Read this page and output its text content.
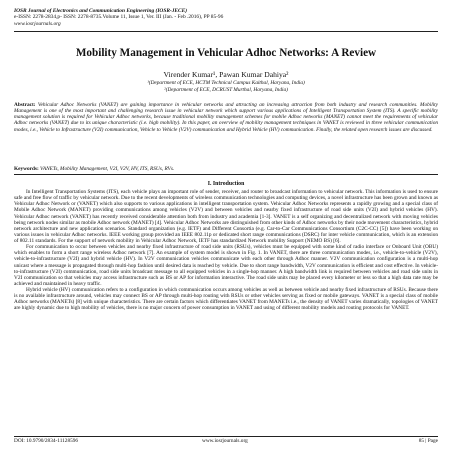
IOSR Journal of Electronics and Communication Engineering (IOSR-JECE)
e-ISSN: 2278-2834,p- ISSN: 2278-8735.Volume 11, Issue 1, Ver. III (Jan. - Feb .2016), PP 85-96
www.iosrjournals.org
Mobility Management in Vehicular Adhoc Networks: A Review
Virender Kumar¹, Pawan Kumar Dahiya²
¹(Department of ECE, HCTM Technical Campus Kaithal, Haryana, India)
²(Department of ECE, DCRUST Murthal, Haryana, India)
Abstract: Vehicular Adhoc Networks (VANET) are gaining importance in vehicular networks and attracting an increasing attraction from both industry and research communities. Mobility Management is one of the most important and challenging research issue in vehicular network which support various applications of Intelligent Transportation System (ITS). A specific mobility management solution is required for Vehicular Adhoc networks, because traditional mobility management schemes for mobile Adhoc networks (MANET) cannot meet the requirements of vehicular Adhoc networks (VANET) due to its unique characteristic (i.e. high mobility). In this paper, an overview of mobility management techniques in VANET is reviewed in three vehicular communication modes, i.e., Vehicle to Infrastructure (V2I) communication, Vehicle to Vehicle (V2V) communication and Hybrid Vehicle (HV) communication. Finally, the related open research issues are discussed.
Keywords: VANETs, Mobility Management, V2I, V2V, HV, ITS, RSUs, RVs.
I. Introduction

In Intelligent Transportation Systems (ITS), each vehicle plays an important role of sender, receiver, and router to broadcast information to vehicular network. This information is used to ensure safe and free flow of traffic by vehicular network. Due to the recent developments of wireless communication technologies and computing devices, a novel infrastructure has been grown and known as Vehicular Adhoc Network or (VANET) which also supports to various applications in intelligent transportation system. Vehicular Adhoc Networks represents a rapidly growing and a special class of Mobile Adhoc Network (MANET) providing communications among vehicles (V2V) and between vehicles and nearby fixed infrastructure of road side units (V2I) and hybrid vehicles (HV). Vehicular Adhoc network (VANET) has recently received considerable attention both from industry and academia [1-3]. VANET is a self organizing and decentralized network with moving vehicles being network nodes similar as mobile Adhoc network (MANET) [4]. Vehicular Adhoc Networks are distinguished from other kinds of Adhoc networks by their node movement characteristics, hybrid network architecture and new application scenarios. Standard organization (e.g. IETF) and Different Consortia (e.g. Car-to-Car Communications Consortium (C2C-CC) [5]) have been working on various issues in vehicular Adhoc networks. IEEE working group provided an IEEE 802.11p or dedicated short range communications (DSRC) for inter vehicle communication, which is an extension of 802.11 standards. For the support of network mobility in Vehicular Adhoc Network, IETF has standardized Network mobility Support (NEMO BS) [6].

For communication to occur between vehicles and nearby fixed infrastructure of road side units (RSUs), vehicles must be equipped with some kind of radio interface or Onboard Unit (OBU) which enables to form a short range wireless Adhoc network [7]. An example of system model is shown in Fig. 1. In VANET, there are three communication modes, i.e., vehicle-to-vehicle (V2V), vehicle-to-infrastructure (V2I) and hybrid vehicle (HV). In V2V communication vehicles communicate with each other through Adhoc manner. V2V communication configuration is a multi-hop unicast where a message is propagated through multi-hop fashion until desired data is reached by vehicle. Due to short range bandwidth, V2V communication is efficient and cost effective. In vehicle-to-infrastructure (V2I) communication, road side units broadcast message to all equipped vehicles in a single-hop manner. A high bandwidth link is required between vehicles and road side units in V2I communication so that vehicles may access infrastructure such as BS or AP for information interactive. The road side units may be placed every kilometer or less so that a high data rate may be achieved and maintained in heavy traffic.

Hybrid vehicle (HV) communication refers to a configuration in which communication occurs among vehicles as well as between vehicle and nearby fixed infrastructure of RSUs. Because there is no available infrastructure around, vehicles may connect BS or AP through multi-hop routing with RSUs or other vehicles serving as fixed or mobile gateways. VANET is a special class of mobile Adhoc networks (MANETs) [8] with unique characteristics. There are certain factors which differentiates VANET from MANETs i.e., the density of VANET varies dramatically, topologies of VANET are highly dynamic due to high mobility of vehicles, there is no major concern of power consumption in VANET and using of different mobility models and routing protocols for VANET.

DOI: 10.9790/2834-11128596	www.iosrjournals.org	85 | Page
